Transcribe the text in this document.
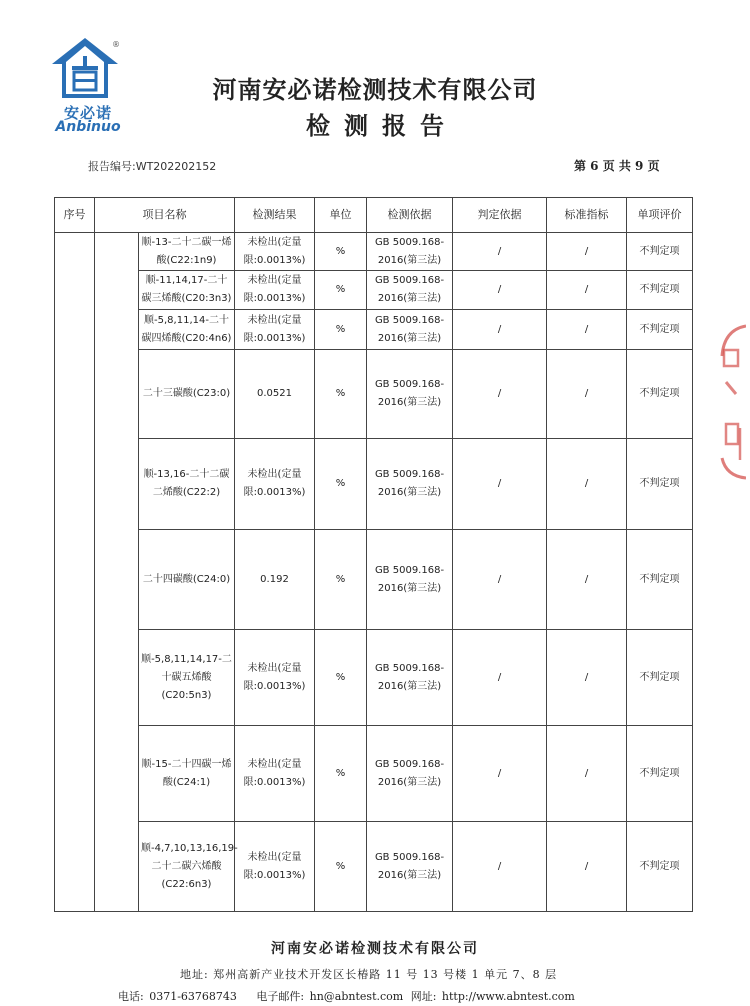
安必诺
Anbinuo
®
河南安必诺检测技术有限公司
检测报告
报告编号:WT202202152	第 6 页 共 9 页
序号	项目名称		检测结果	单位	检测依据	判定依据	标准指标	单项评价
		顺-13-二十二碳一烯酸(C22:1n9)	未检出(定量限:0.0013%)	%	GB 5009.168-2016(第三法)	/	/	不判定项
		顺-11,14,17-二十碳三烯酸(C20:3n3)	未检出(定量限:0.0013%)	%	GB 5009.168-2016(第三法)	/	/	不判定项
		顺-5,8,11,14-二十碳四烯酸(C20:4n6)	未检出(定量限:0.0013%)	%	GB 5009.168-2016(第三法)	/	/	不判定项
		二十三碳酸(C23:0)	0.0521	%	GB 5009.168-2016(第三法)	/	/	不判定项
		顺-13,16-二十二碳二烯酸(C22:2)	未检出(定量限:0.0013%)	%	GB 5009.168-2016(第三法)	/	/	不判定项
		二十四碳酸(C24:0)	0.192	%	GB 5009.168-2016(第三法)	/	/	不判定项
		顺-5,8,11,14,17-二十碳五烯酸(C20:5n3)	未检出(定量限:0.0013%)	%	GB 5009.168-2016(第三法)	/	/	不判定项
		顺-15-二十四碳一烯酸(C24:1)	未检出(定量限:0.0013%)	%	GB 5009.168-2016(第三法)	/	/	不判定项
		顺-4,7,10,13,16,19-二十二碳六烯酸(C22:6n3)	未检出(定量限:0.0013%)	%	GB 5009.168-2016(第三法)	/	/	不判定项
河南安必诺检测技术有限公司
地址: 郑州高新产业技术开发区长椿路 11 号 13 号楼 1 单元 7、8 层
电话: 0371-63768743 电子邮件: hn@abntest.com 网址: http://www.abntest.com
